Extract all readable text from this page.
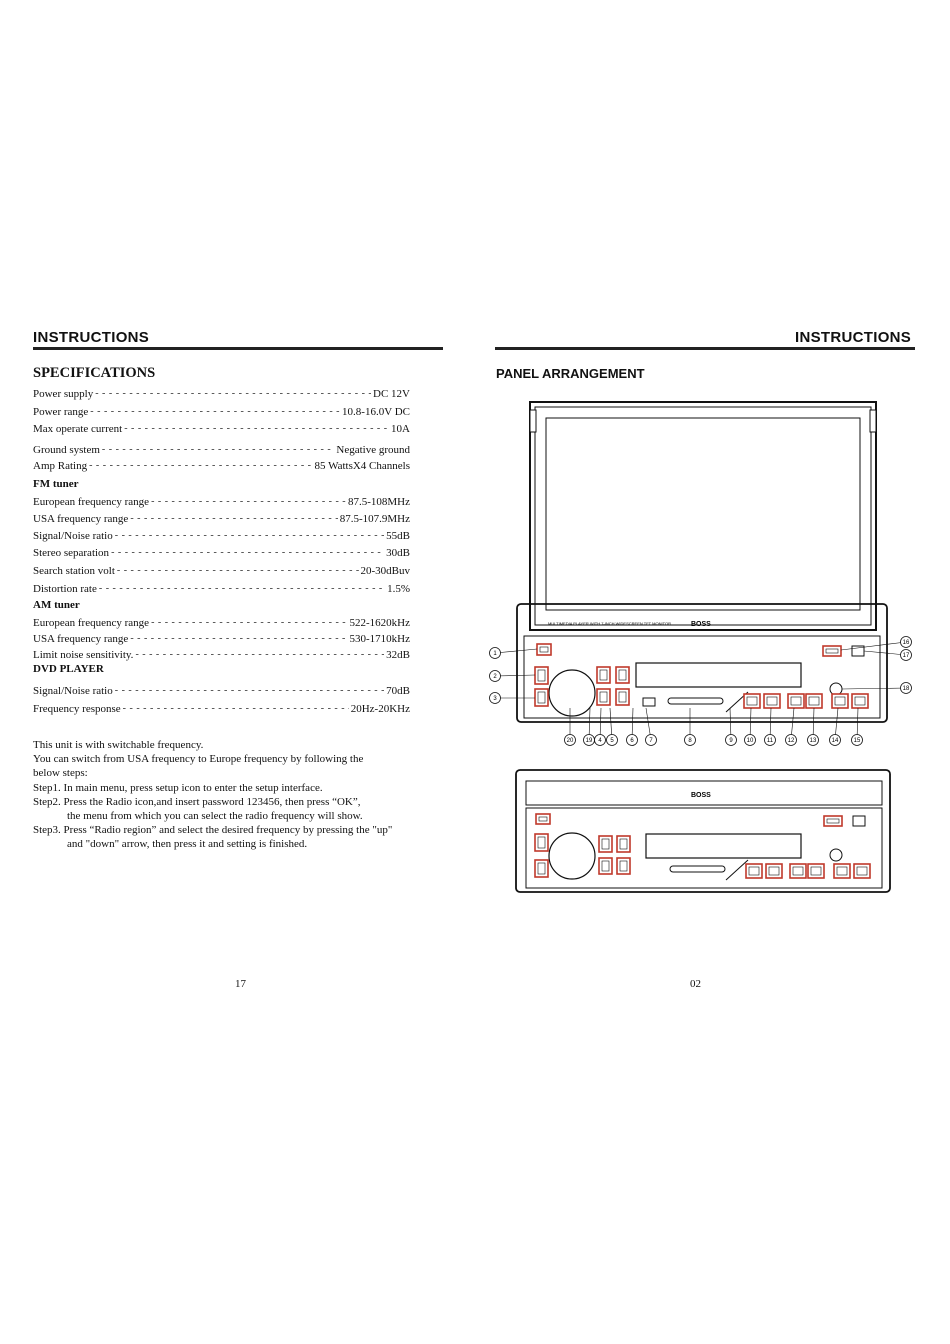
INSTRUCTIONS
SPECIFICATIONS
Power supply - - -	DC 12V
Power range - - -	10.8-16.0V DC
Max operate current - - -	10A
Ground system - - -	Negative ground
Amp Rating - - -	85 WattsX4 Channels
FM tuner
European frequency range - - -	87.5-108MHz
USA frequency range - - -	87.5-107.9MHz
Signal/Noise ratio - - -	55dB
Stereo separation - - -	30dB
Search station volt - - -	20-30dBuv
Distortion rate - - -	1.5%
AM tuner
European frequency range - - -	522-1620kHz
USA frequency range - - -	530-1710kHz
Limit noise sensitivity. - - -	32dB
DVD PLAYER
Signal/Noise ratio - - -	70dB
Frequency response - - -	20Hz-20KHz
This unit is with switchable frequency.
You can switch from USA frequency to Europe frequency by following the
below steps:
Step1. In main menu, press setup icon to enter the setup interface.
Step2. Press the Radio icon,and insert password 123456, then press “OK”,
the menu from which you can select the radio frequency will show.
Step3. Press “Radio region” and select the desired frequency by pressing the "up"
and "down" arrow, then press it and setting is finished.
17
INSTRUCTIONS
PANEL ARRANGEMENT
MULTIMEDIA PLAYER WITH 7-INCH WIDESCREEN TFT MONITOR	BOSS
1
2
3
16
17
18
20 19 4 5	6	7	8	9 10 11 12	13	14	15
BOSS
02
